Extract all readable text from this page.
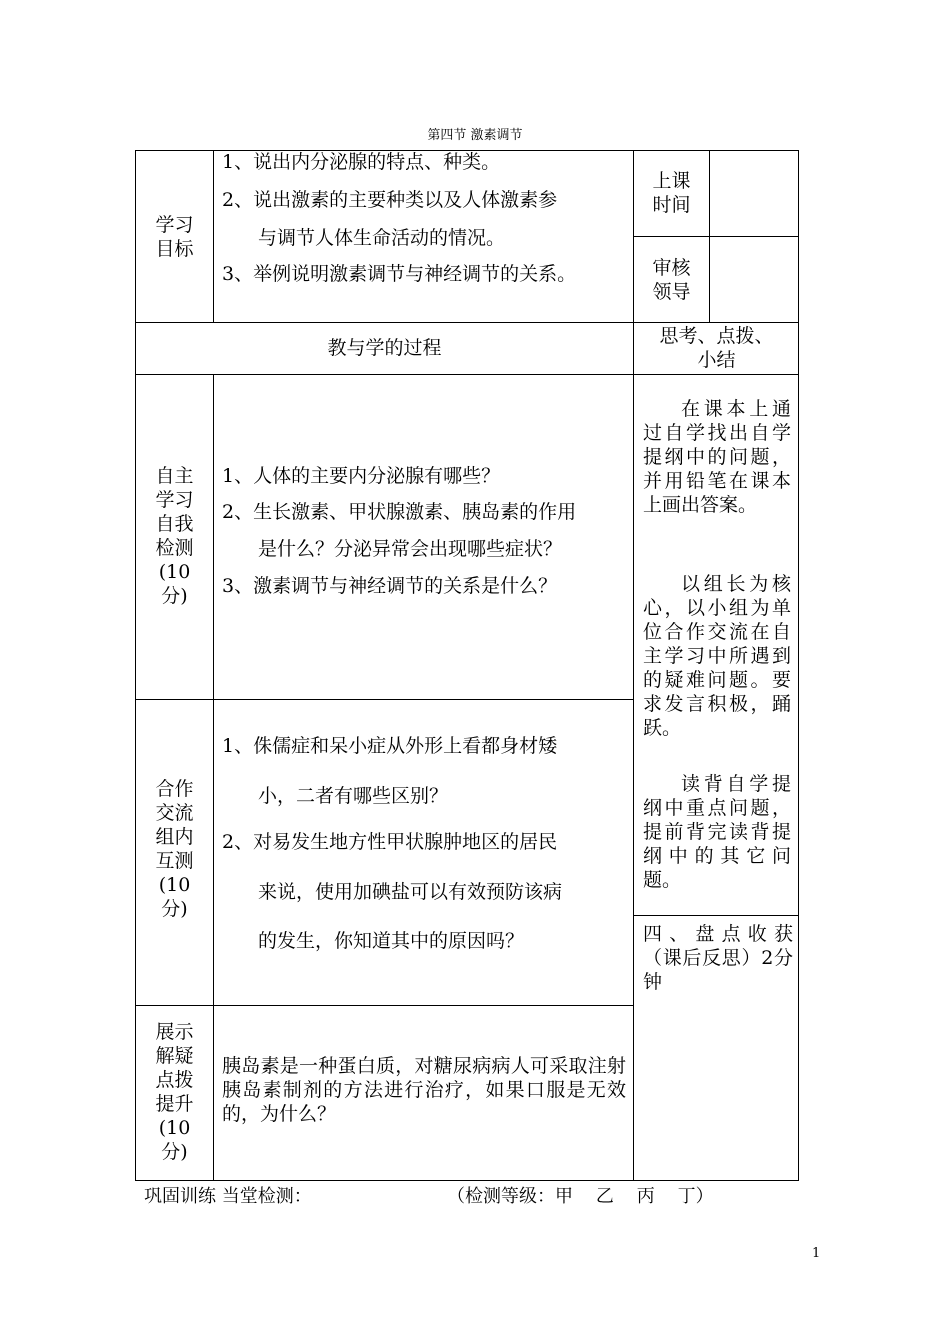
第四节 激素调节
学习
目标
1、说出内分泌腺的特点、种类。
2、说出激素的主要种类以及人体激素参
与调节人体生命活动的情况。
3、举例说明激素调节与神经调节的关系。
上课
时间
审核
领导
教与学的过程
思考、点拨、
小结
自主
学习
自我
检测
(10
分)
1、人体的主要内分泌腺有哪些？
2、生长激素、甲状腺激素、胰岛素的作用
是什么？分泌异常会出现哪些症状？
3、激素调节与神经调节的关系是什么？
合作
交流
组内
互测
(10
分)
1、侏儒症和呆小症从外形上看都身材矮
小，二者有哪些区别？
2、对易发生地方性甲状腺肿地区的居民
来说，使用加碘盐可以有效预防该病
的发生，你知道其中的原因吗？
展示
解疑
点拨
提升
(10
分)
胰岛素是一种蛋白质，对糖尿病病人可采取注射胰岛素制剂的方法进行治疗，如果口服是无效的，为什么？

在课本上通过自学找出自学提纲中的问题，并用铅笔在课本上画出答案。

以组长为核心，以小组为单位合作交流在自主学习中所遇到的疑难问题。要求发言积极，踊跃。

读背自学提纲中重点问题，提前背完读背提纲中的其它问题。

四、盘点收获（课后反思）2分钟
巩固训练 当堂检测：	（检测等级：甲    乙    丙    丁）
1
